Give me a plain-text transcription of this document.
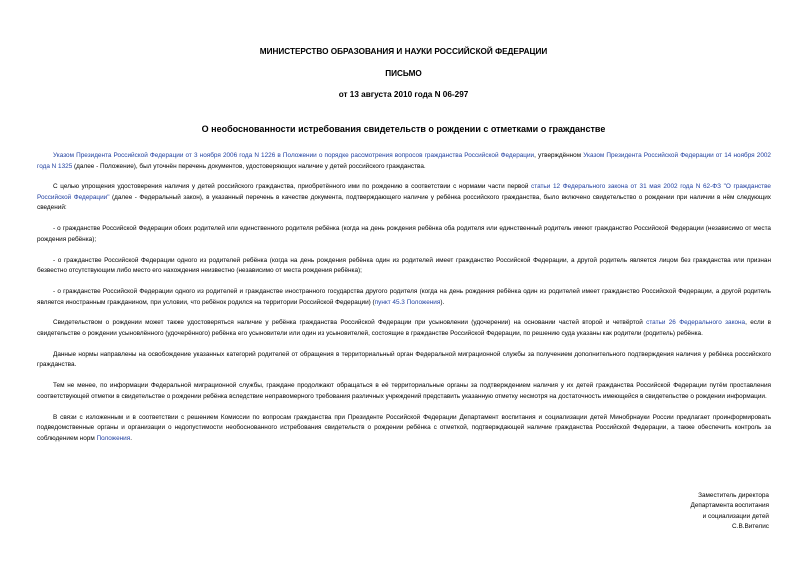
МИНИСТЕРСТВО ОБРАЗОВАНИЯ И НАУКИ РОССИЙСКОЙ ФЕДЕРАЦИИ
ПИСЬМО
от 13 августа 2010 года N 06-297
О необоснованности истребования свидетельств о рождении с отметками о гражданстве

Указом Президента Российской Федерации от 3 ноября 2006 года N 1226 в Положении о порядке рассмотрения вопросов гражданства Российской Федерации, утверждённом Указом Президента Российской Федерации от 14 ноября 2002 года N 1325 (далее - Положение), был уточнён перечень документов, удостоверяющих наличие у детей российского гражданства.

С целью упрощения удостоверения наличия у детей российского гражданства, приобретённого ими по рождению в соответствии с нормами части первой статьи 12 Федерального закона от 31 мая 2002 года N 62-ФЗ "О гражданстве Российской Федерации" (далее - Федеральный закон), в указанный перечень в качестве документа, подтверждающего наличие у ребёнка российского гражданства, было включено свидетельство о рождении при наличии в нём следующих сведений:

- о гражданстве Российской Федерации обоих родителей или единственного родителя ребёнка (когда на день рождения ребёнка оба родителя или единственный родитель имеют гражданство Российской Федерации (независимо от места рождения ребёнка);

- о гражданстве Российской Федерации одного из родителей ребёнка (когда на день рождения ребёнка один из родителей имеет гражданство Российской Федерации, а другой родитель является лицом без гражданства или признан безвестно отсутствующим либо место его нахождения неизвестно (независимо от места рождения ребёнка);

- о гражданстве Российской Федерации одного из родителей и гражданстве иностранного государства другого родителя (когда на день рождения ребёнка один из родителей имеет гражданство Российской Федерации, а другой родитель является иностранным гражданином, при условии, что ребёнок родился на территории Российской Федерации) (пункт 45.3 Положения).

Свидетельством о рождении может также удостоверяться наличие у ребёнка гражданства Российской Федерации при усыновлении (удочерении) на основании частей второй и четвёртой статьи 26 Федерального закона, если в свидетельстве о рождении усыновлённого (удочерённого) ребёнка его усыновители или один из усыновителей, состоящие в гражданстве Российской Федерации, по решению суда указаны как родители (родитель) ребёнка.

Данные нормы направлены на освобождение указанных категорий родителей от обращения в территориальный орган Федеральной миграционной службы за получением дополнительного подтверждения наличия у ребёнка российского гражданства.

Тем не менее, по информации Федеральной миграционной службы, граждане продолжают обращаться в её территориальные органы за подтверждением наличия у их детей гражданства Российской Федерации путём проставления соответствующей отметки в свидетельстве о рождении ребёнка вследствие неправомерного требования различных учреждений представить указанную отметку несмотря на достаточность имеющейся в свидетельстве о рождении информации.

В связи с изложенным и в соответствии с решением Комиссии по вопросам гражданства при Президенте Российской Федерации Департамент воспитания и социализации детей Минобрнауки России предлагает проинформировать подведомственные органы и организации о недопустимости необоснованного истребования свидетельств о рождении ребёнка с отметкой, подтверждающей наличие гражданства Российской Федерации, а также обеспечить контроль за соблюдением норм Положения.

Заместитель директора
Департамента воспитания
и социализации детей
С.В.Вителис
